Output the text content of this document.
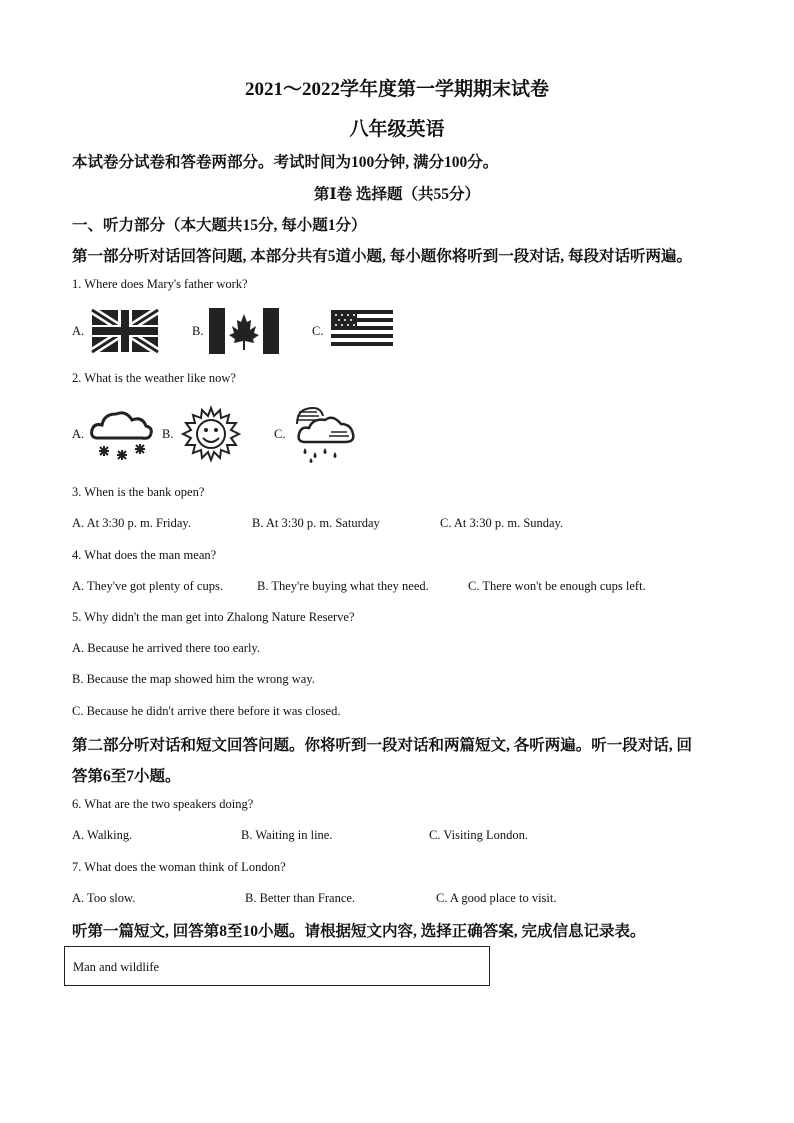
2021～2022学年度第一学期期末试卷
八年级英语
本试卷分试卷和答卷两部分。考试时间为100分钟, 满分100分。
第Ⅰ卷 选择题（共55分）
一、听力部分（本大题共15分, 每小题1分）
第一部分听对话回答问题, 本部分共有5道小题, 每小题你将听到一段对话, 每段对话听两遍。
1. Where does Mary's father work?
A.	B.	C.
2. What is the weather like now?
A.	B.	C.
3. When is the bank open?
A. At 3:30 p. m. Friday.	B. At 3:30 p. m. Saturday	C. At 3:30 p. m. Sunday.
4. What does the man mean?
A. They've got plenty of cups.	B. They're buying what they need.	C. There won't be enough cups left.
5. Why didn't the man get into Zhalong Nature Reserve?
A. Because he arrived there too early.
B. Because the map showed him the wrong way.
C. Because he didn't arrive there before it was closed.
第二部分听对话和短文回答问题。你将听到一段对话和两篇短文, 各听两遍。听一段对话, 回
答第6至7小题。
6. What are the two speakers doing?
A. Walking.	B. Waiting in line.	C. Visiting London.
7. What does the woman think of London?
A. Too slow.	B. Better than France.	C. A good place to visit.
听第一篇短文, 回答第8至10小题。请根据短文内容, 选择正确答案, 完成信息记录表。
Man and wildlife
